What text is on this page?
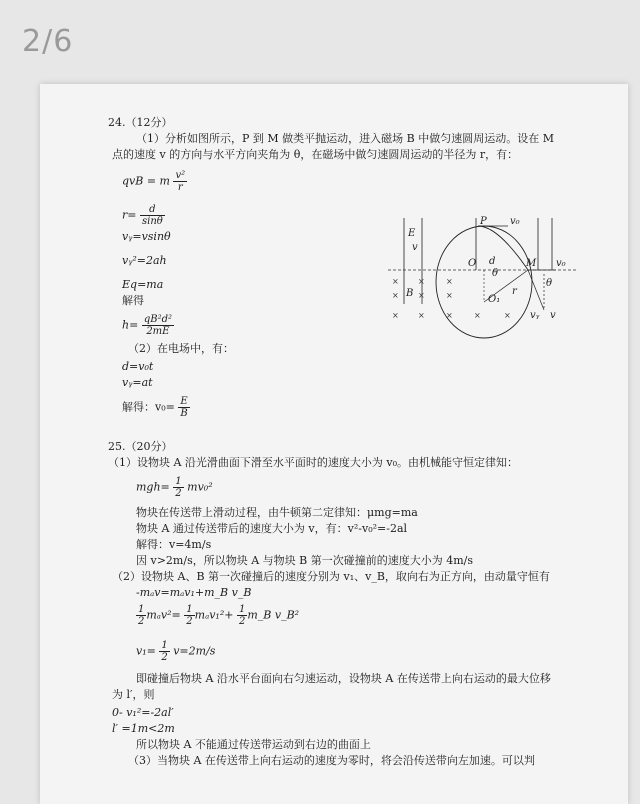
2/6
24.（12分）
（1）分析如图所示，P 到 M 做类平抛运动，进入磁场 B 中做匀速圆周运动。设在 M
点的速度 v 的方向与水平方向夹角为 θ，在磁场中做匀速圆周运动的半径为 r，有：
qvB = m $\frac{\text{v²}}{r}$
$r= \frac{d}{\sin\theta}$
vᵧ=vsinθ
vᵧ²=2ah
Eq=ma
解得
$h= \frac{\text{qB²d²}}{2mE}$
（2）在电场中，有：
d=v₀t
vᵧ=at
解得：$v_0= \frac{E}{B}$
E
v
P v₀
O d	M v₀
θ
θ
r
O₁
B
vᵧ v
× ×	×
× ×	×
× ×	×	×	×
25.（20分）
（1）设物块 A 沿光滑曲面下滑至水平面时的速度大小为 v₀。由机械能守恒定律知：
$mgh= \frac{1}{2} mv_0^2$
物块在传送带上滑动过程，由牛顿第二定律知：μmg=ma
物块 A 通过传送带后的速度大小为 v，有：v²-v₀²=-2al
解得：v=4m/s
因 v>2m/s，所以物块 A 与物块 B 第一次碰撞前的速度大小为 4m/s
（2）设物块 A、B 第一次碰撞后的速度分别为 v₁、v_B，取向右为正方向，由动量守恒有
-mₐv=mₐv₁+m_B v_B
$\frac{1}{2} m_av^2= \frac{1}{2} m_av_1^2+ \frac{1}{2}$ m_B v_B²
$v_1= \frac{1}{2} v=2m/s$
即碰撞后物块 A 沿水平台面向右匀速运动，设物块 A 在传送带上向右运动的最大位移
为 l′，则
0- v₁²=-2al′
l′ =1m<2m
所以物块 A 不能通过传送带运动到右边的曲面上
（3）当物块 A 在传送带上向右运动的速度为零时，将会沿传送带向左加速。可以判
